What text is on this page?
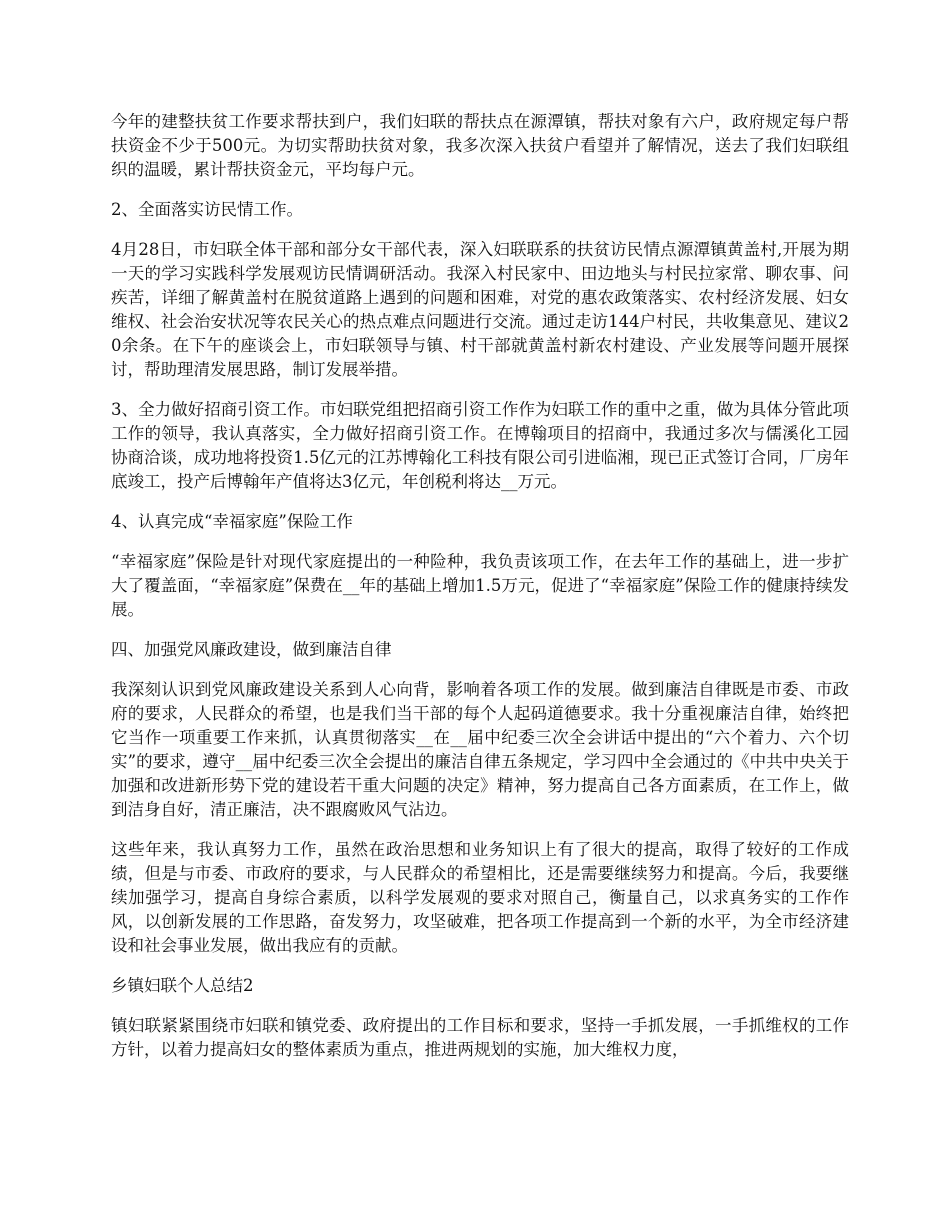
今年的建整扶贫工作要求帮扶到户，我们妇联的帮扶点在源潭镇，帮扶对象有六户，政府规定每户帮扶资金不少于500元。为切实帮助扶贫对象，我多次深入扶贫户看望并了解情况，送去了我们妇联组织的温暖，累计帮扶资金元，平均每户元。

2、全面落实访民情工作。

4月28日，市妇联全体干部和部分女干部代表，深入妇联联系的扶贫访民情点源潭镇黄盖村,开展为期一天的学习实践科学发展观访民情调研活动。我深入村民家中、田边地头与村民拉家常、聊农事、问疾苦，详细了解黄盖村在脱贫道路上遇到的问题和困难，对党的惠农政策落实、农村经济发展、妇女维权、社会治安状况等农民关心的热点难点问题进行交流。通过走访144户村民，共收集意见、建议20余条。在下午的座谈会上，市妇联领导与镇、村干部就黄盖村新农村建设、产业发展等问题开展探讨，帮助理清发展思路，制订发展举措。

3、全力做好招商引资工作。市妇联党组把招商引资工作作为妇联工作的重中之重，做为具体分管此项工作的领导，我认真落实，全力做好招商引资工作。在博翰项目的招商中，我通过多次与儒溪化工园协商洽谈，成功地将投资1.5亿元的江苏博翰化工科技有限公司引进临湘，现已正式签订合同，厂房年底竣工，投产后博翰年产值将达3亿元，年创税利将达__万元。

4、认真完成“幸福家庭”保险工作

“幸福家庭”保险是针对现代家庭提出的一种险种，我负责该项工作，在去年工作的基础上，进一步扩大了覆盖面，“幸福家庭”保费在__年的基础上增加1.5万元，促进了“幸福家庭”保险工作的健康持续发展。

四、加强党风廉政建设，做到廉洁自律

我深刻认识到党风廉政建设关系到人心向背，影响着各项工作的发展。做到廉洁自律既是市委、市政府的要求，人民群众的希望，也是我们当干部的每个人起码道德要求。我十分重视廉洁自律，始终把它当作一项重要工作来抓，认真贯彻落实__在__届中纪委三次全会讲话中提出的“六个着力、六个切实”的要求，遵守__届中纪委三次全会提出的廉洁自律五条规定，学习四中全会通过的《中共中央关于加强和改进新形势下党的建设若干重大问题的决定》精神，努力提高自己各方面素质，在工作上，做到洁身自好，清正廉洁，决不跟腐败风气沾边。

这些年来，我认真努力工作，虽然在政治思想和业务知识上有了很大的提高，取得了较好的工作成绩，但是与市委、市政府的要求，与人民群众的希望相比，还是需要继续努力和提高。今后，我要继续加强学习，提高自身综合素质，以科学发展观的要求对照自己，衡量自己，以求真务实的工作作风，以创新发展的工作思路，奋发努力，攻坚破难，把各项工作提高到一个新的水平，为全市经济建设和社会事业发展，做出我应有的贡献。

乡镇妇联个人总结2

镇妇联紧紧围绕市妇联和镇党委、政府提出的工作目标和要求，坚持一手抓发展，一手抓维权的工作方针，以着力提高妇女的整体素质为重点，推进两规划的实施，加大维权力度，
